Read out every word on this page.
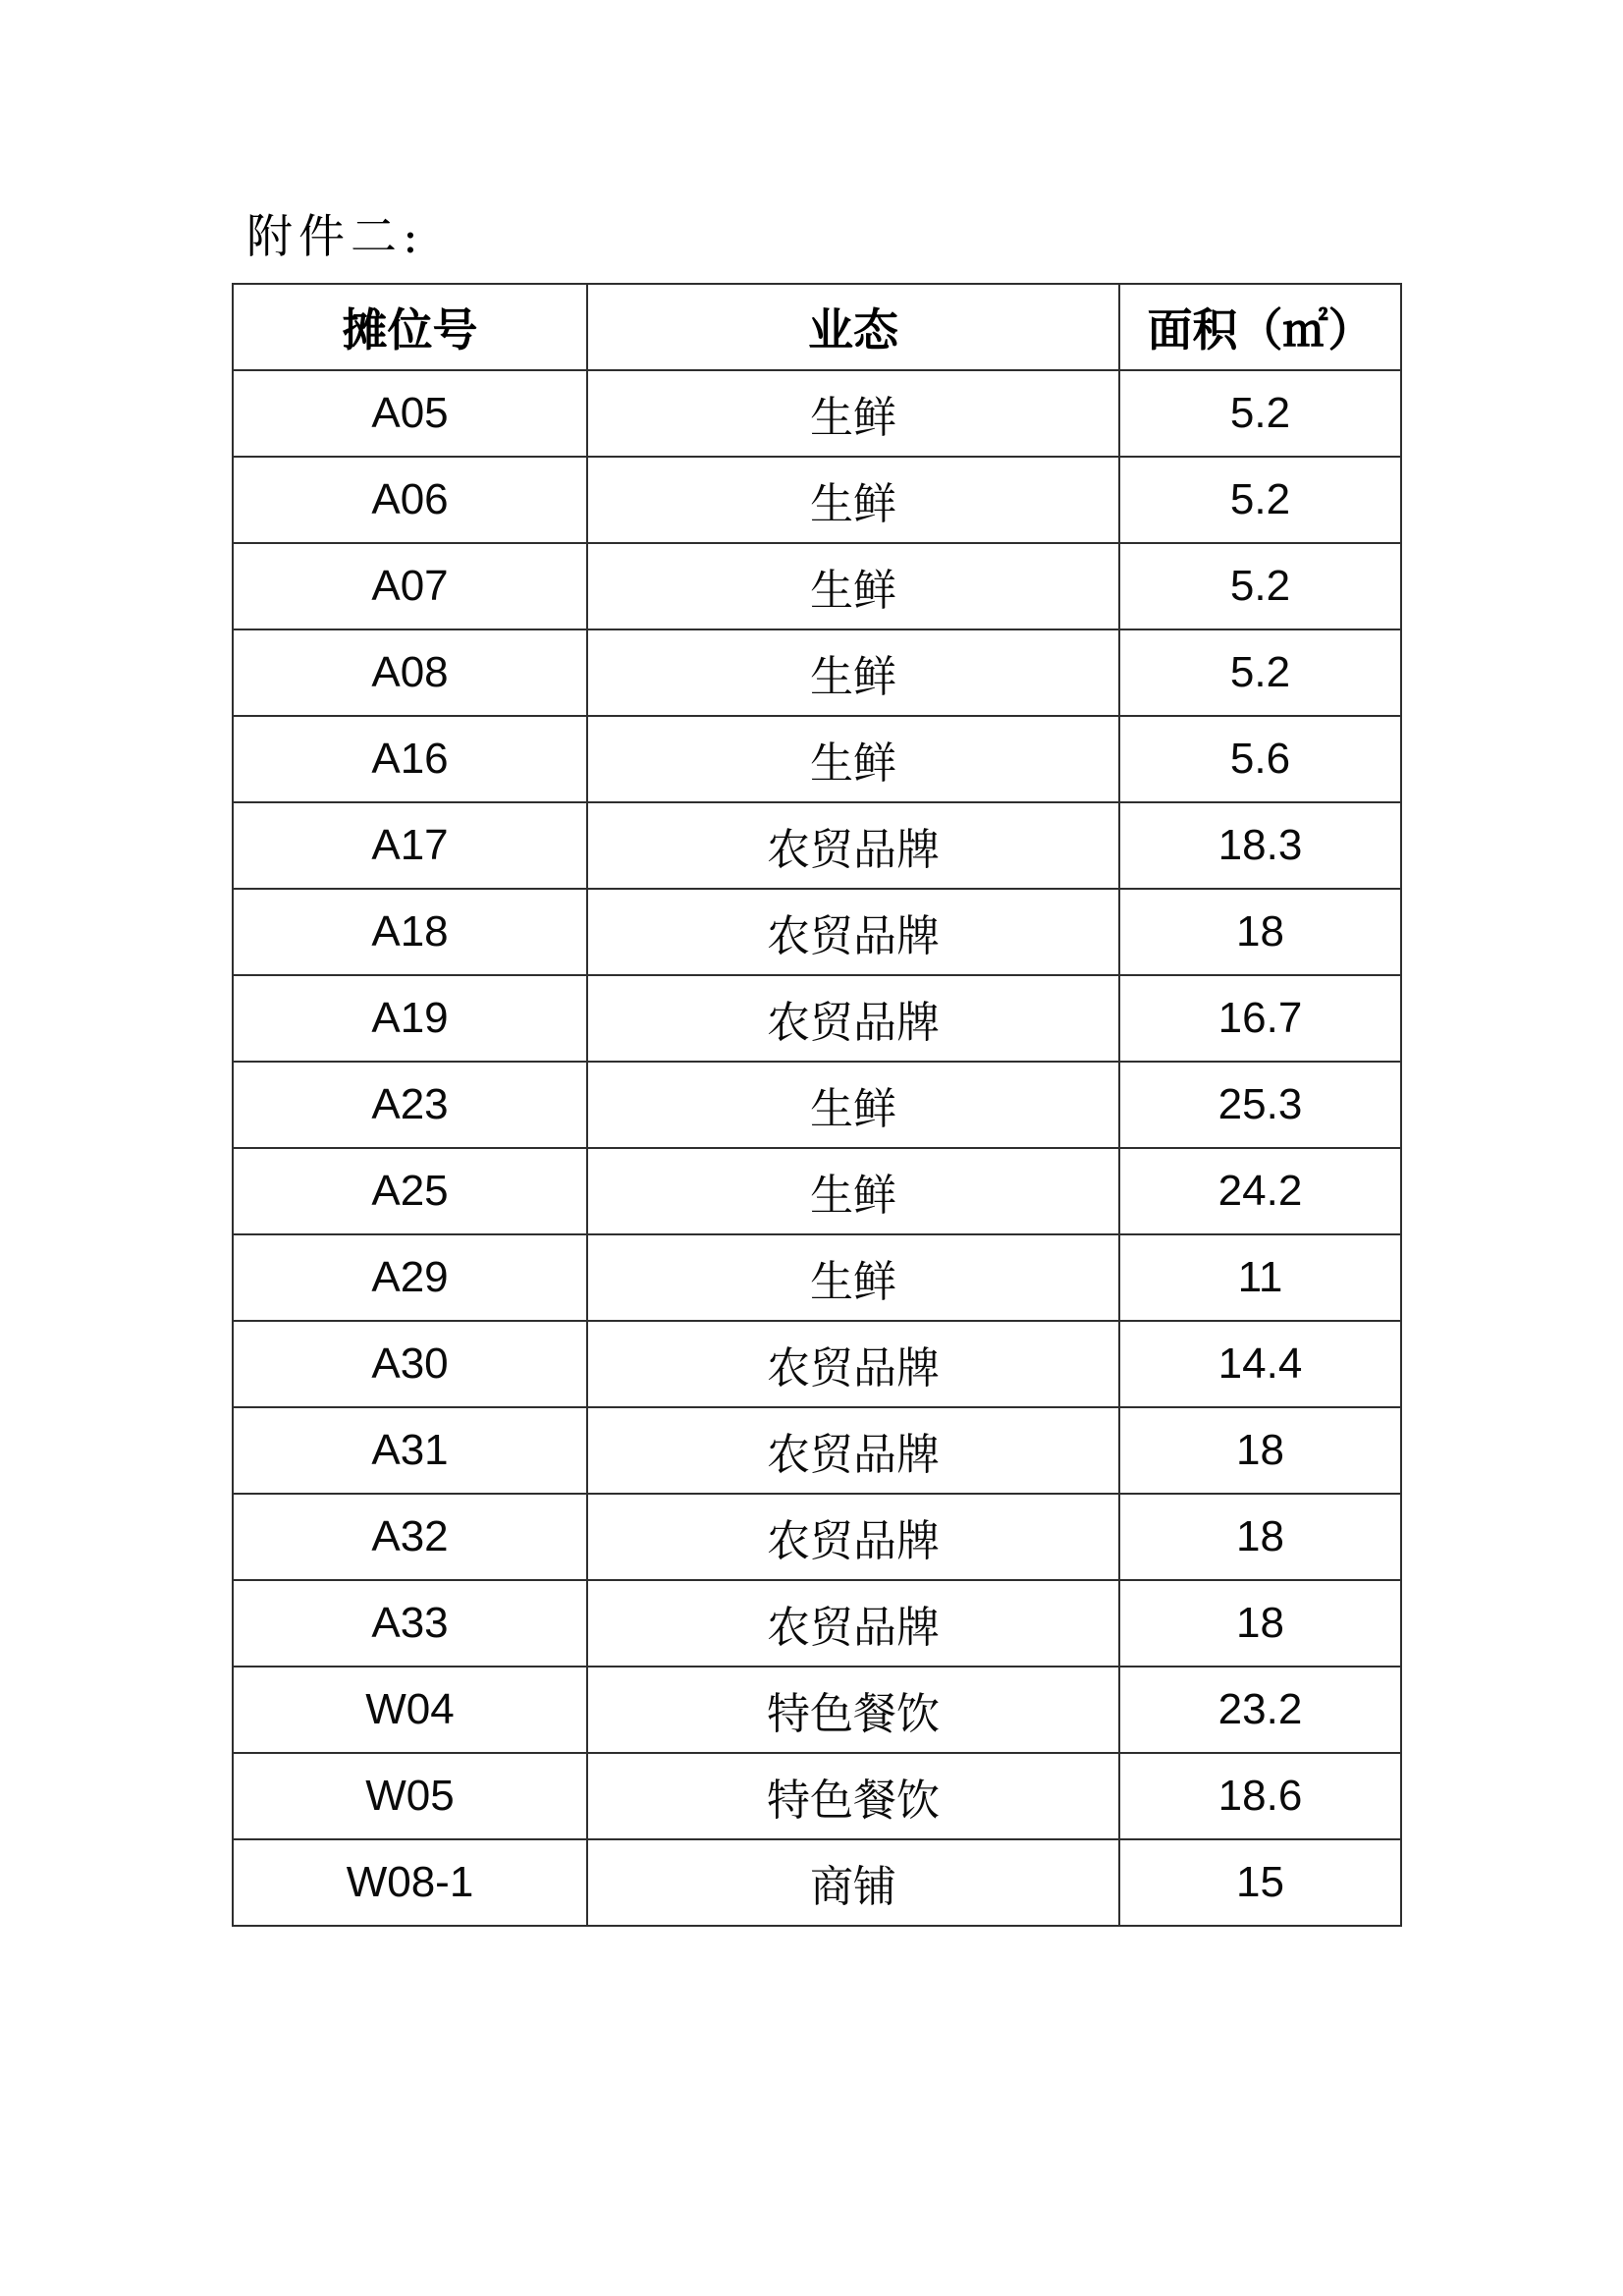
附件二:
摊位号	业态	面积（㎡）
A05	生鲜	5.2
A06	生鲜	5.2
A07	生鲜	5.2
A08	生鲜	5.2
A16	生鲜	5.6
A17	农贸品牌	18.3
A18	农贸品牌	18
A19	农贸品牌	16.7
A23	生鲜	25.3
A25	生鲜	24.2
A29	生鲜	11
A30	农贸品牌	14.4
A31	农贸品牌	18
A32	农贸品牌	18
A33	农贸品牌	18
W04	特色餐饮	23.2
W05	特色餐饮	18.6
W08-1	商铺	15
